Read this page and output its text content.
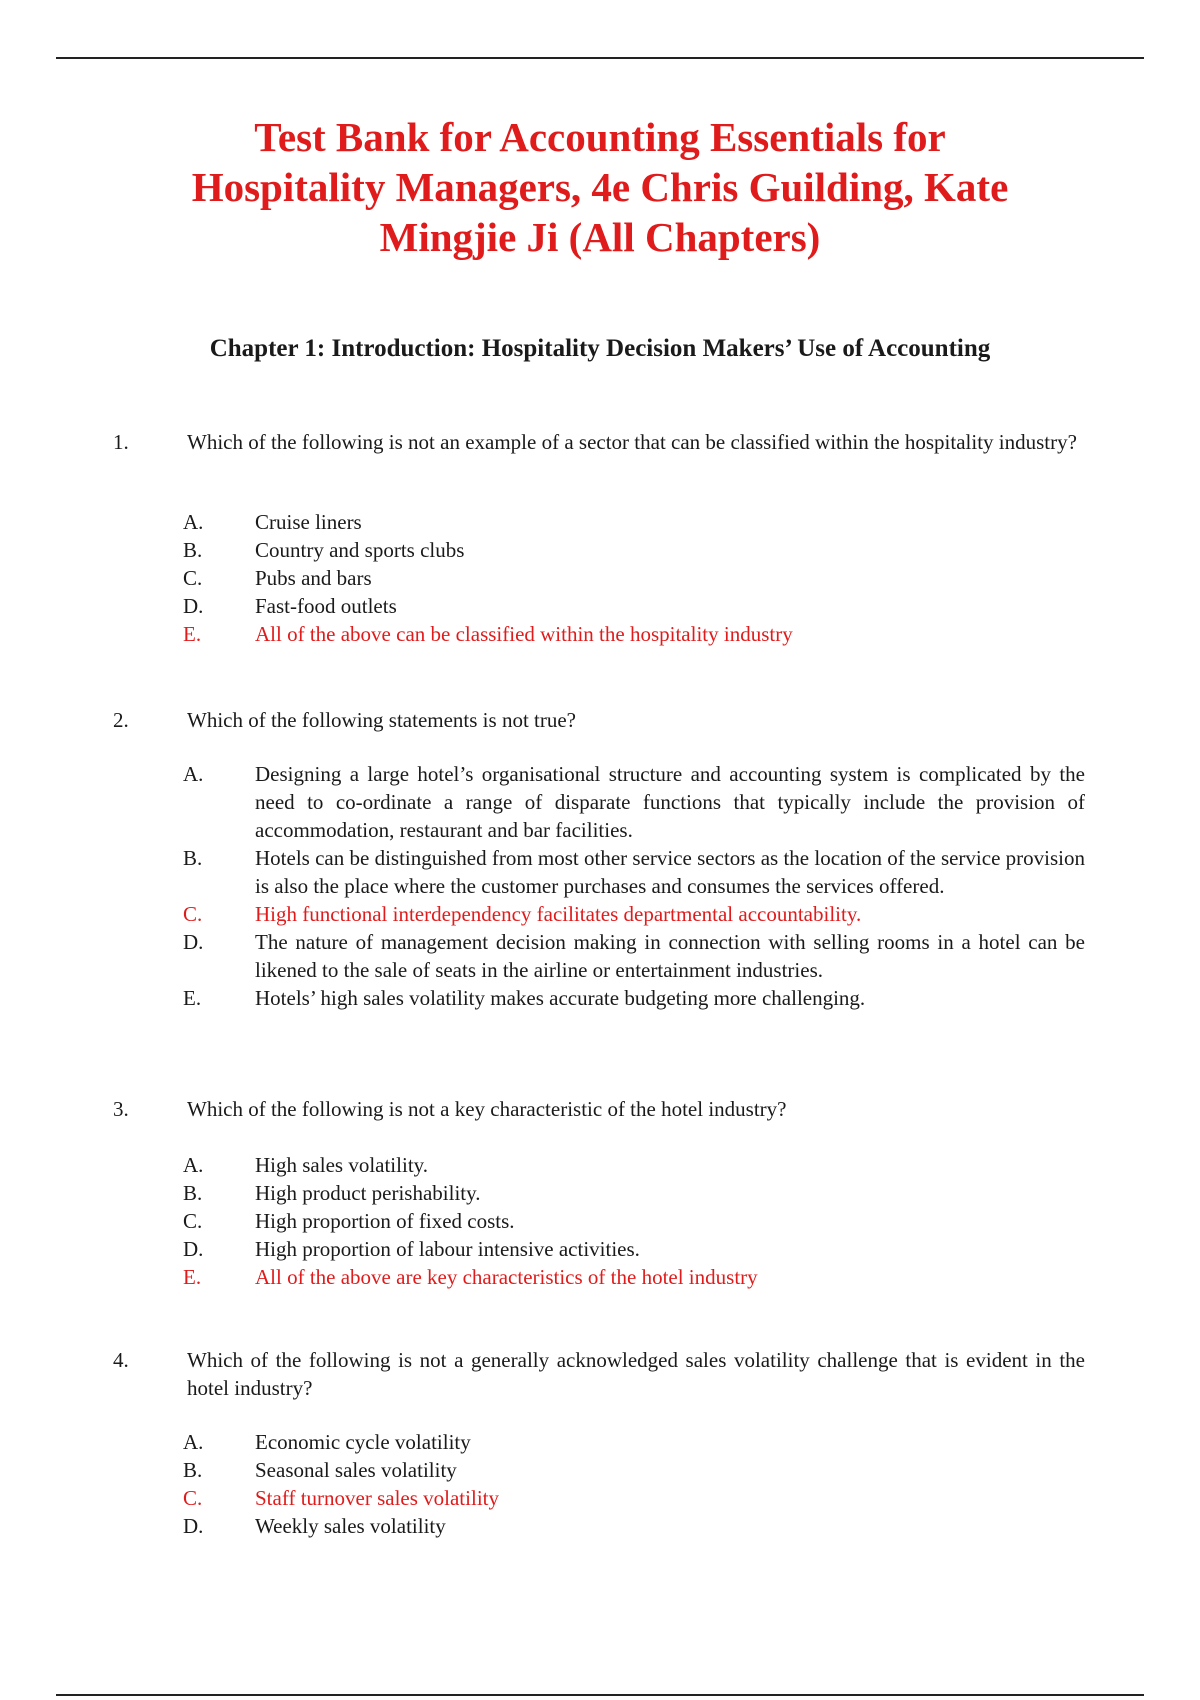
Test Bank for Accounting Essentials for
Hospitality Managers, 4e Chris Guilding, Kate
Mingjie Ji (All Chapters)
Chapter 1: Introduction: Hospitality Decision Makers’ Use of Accounting
1.	Which of the following is not an example of a sector that can be classified within the hospitality industry?

A. Cruise liners
B.	Country and sports clubs
C.	Pubs and bars
D. Fast-food outlets
E.	All of the above can be classified within the hospitality industry
2.	Which of the following statements is not true?

A. Designing a large hotel’s organisational structure and accounting system is complicated by the need to co-ordinate a range of disparate functions that typically include the provision of accommodation, restaurant and bar facilities.
B.	Hotels can be distinguished from most other service sectors as the location of the service provision is also the place where the customer purchases and consumes the services offered.
C.	High functional interdependency facilitates departmental accountability.
D. The nature of management decision making in connection with selling rooms in a hotel can be likened to the sale of seats in the airline or entertainment industries.
E.	Hotels’ high sales volatility makes accurate budgeting more challenging.
3.	Which of the following is not a key characteristic of the hotel industry?

A. High sales volatility.
B.	High product perishability.
C.	High proportion of fixed costs.
D. High proportion of labour intensive activities.
E.	All of the above are key characteristics of the hotel industry
4.	Which of the following is not a generally acknowledged sales volatility challenge that is evident in the hotel industry?

A. Economic cycle volatility
B.	Seasonal sales volatility
C.	Staff turnover sales volatility
D. Weekly sales volatility
